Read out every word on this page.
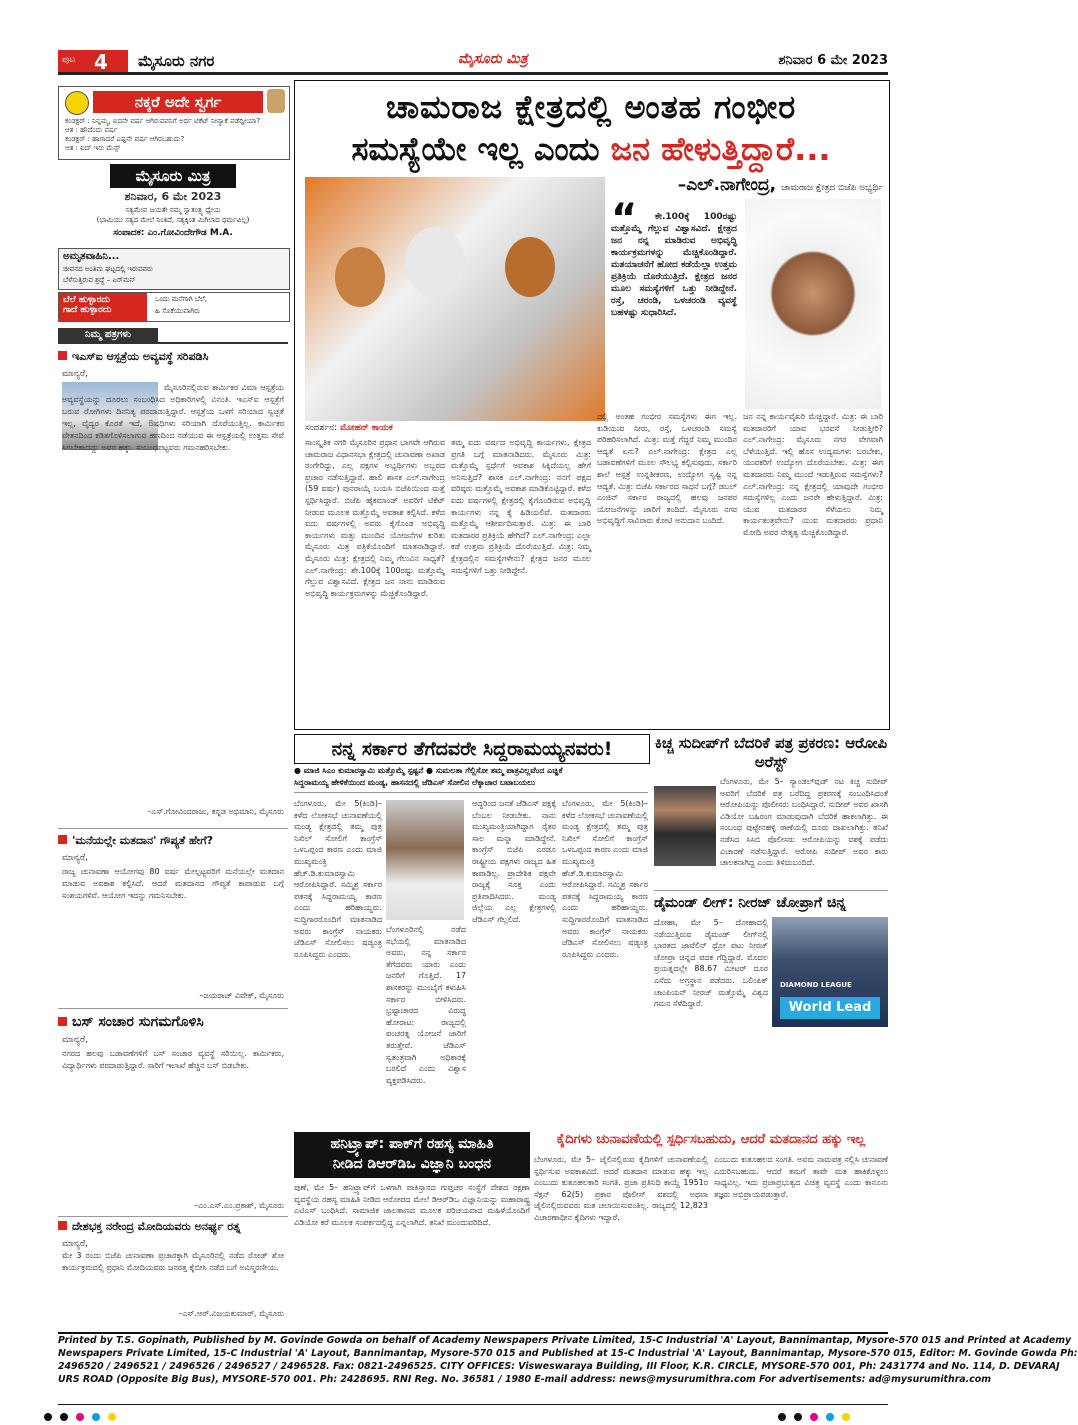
ಪುಟ 4 ಮೈಸೂರು ನಗರ	ಮೈಸೂರು ಮಿತ್ರ	ಶನಿವಾರ 6 ಮೇ 2023
ನಕ್ಕರೆ ಅದೇ ಸ್ವರ್ಗ
ಕಂಡಕ್ಟರ್ : ನಿನ್ನಮ್ಮ, ಐದನೇ ವರ್ಷ ಆಗಿರುವವನಿಗೆ ಅರ್ಧ ಟಿಕೆಟ್ ನೀನ್ಯಾಕೆ ಪಡೆದ್ದೀಯಾ?
ಆತ : ಹೌದೆಂದು ವರ್ಷ
ಕಂಡಕ್ಟರ್ : ಹಾಗಾದರೆ ಎಷ್ಟನೇ ವರ್ಷ ಆಗಿರಬಹುದು?
ಆತ : ಐದ್ ಇರು ಮೆನ್ಸ್
ಮೈಸೂರು ಮಿತ್ರ
ಶನಿವಾರ, 6 ಮೇ 2023
ಸತ್ಯಮೇವ ಜಯತೇ ನಮ್ಮ ಸ್ವಾತಂತ್ರ್ಯ ಧ್ಯೇಯ
(ಭಾಮಿಯು ಸತ್ಯದ ಮೇಲೆ ನಿಂತಿದೆ, ಸತ್ಯಕ್ಕಿಂತ ಮಿಗಿಲಾದ ಧರ್ಮವಿಲ್ಲ)
ಸಂಪಾದಕ: ಎಂ.ಗೋವಿಂದೇಗೌಡ M.A.
ಅಮೃತವಾಹಿನಿ...
ಜೀವನದ ಅಂತಿಮ ಘಟ್ಟದಲ್ಲಿ ಇರುವವರು
ಬೆಳೆಸುತ್ತಿರುವ ಶ್ರದ್ಧೆ – ಏರ್‌ಮನ್
ಬೆಲೆ ಹುಳ್ಳಾರದು
ಗಾದೆ ಹುಳ್ಳಾರದು
ಒಂದು ಮನೆಗಾಗಿ ಬೆಲೆ,
ಹಿ ಸೊಕೆಯುವಾಗಿರು
ನಿಮ್ಮ ಪತ್ರಗಳು
ಇಎಸ್ಐ ಆಸ್ಪತ್ರೆಯ ಅವ್ಯವಸ್ಥೆ ಸರಿಪಡಿಸಿ
ಮಾನ್ಯರೆ,
ಮೈಸೂರಿನಲ್ಲಿರುವ ಕಾರ್ಮಿಕರ ವಿಮಾ ಆಸ್ಪತ್ರೆಯ ಅವ್ಯವಸ್ಥೆಯನ್ನು ದೂರಲು ಸಂಬಂಧಿಸಿದ ಅಧಿಕಾರಿಗಳಲ್ಲಿ ವಿನಂತಿ. ಇಎಸ್ಐ ಆಸ್ಪತ್ರೆಗೆ ಬರುವ ರೋಗಿಗಳು ದಿನನಿತ್ಯ ಪರದಾಡುತ್ತಿದ್ದಾರೆ. ಆಸ್ಪತ್ರೆಯ ಒಳಗೆ ಸರಿಯಾದ ಸ್ವಚ್ಛತೆ ಇಲ್ಲ, ವೈದ್ಯರ ಕೊರತೆ ಇದೆ, ಔಷಧಿಗಳು ಸರಿಯಾಗಿ ದೊರೆಯುತ್ತಿಲ್ಲ. ಕಾರ್ಮಿಕರ ವೇತನದಿಂದ ಕಡಿತಗೊಳಿಸಲಾಗುವ ಹಣದಿಂದ ನಡೆಯುವ ಈ ಆಸ್ಪತ್ರೆಯಲ್ಲಿ ಉತ್ತಮ ಸೇವೆ ಸಿಗಬೇಕಾದದ್ದು ಅವರ ಹಕ್ಕು. ಸಂಬಂಧಪಟ್ಟವರು ಗಮನಹರಿಸಬೇಕು.
–ಎಸ್.ಗೋವಿಂದರಾಜು, ಕನ್ನಡ ಅಭಿಮಾನಿ, ಮೈಸೂರು
'ಮನೆಯಲ್ಲೇ ಮತದಾನ' ಗೌಪ್ಯತೆ ಹೇಗೆ?
ಮಾನ್ಯರೆ,
ರಾಜ್ಯ ಚುನಾವಣಾ ಆಯೋಗವು 80 ವರ್ಷ ಮೇಲ್ಪಟ್ಟವರಿಗೆ ಮನೆಯಲ್ಲೇ ಮತದಾನ ಮಾಡುವ ಅವಕಾಶ ಕಲ್ಪಿಸಿದೆ. ಆದರೆ ಮತದಾನದ ಗೌಪ್ಯತೆ ಕಾಪಾಡುವ ಬಗ್ಗೆ ಸಂಶಯಗಳಿವೆ. ಆಯೋಗ ಇದನ್ನು ಗಮನಿಸಬೇಕು.
–ಜಯರಾಜ್ ವಿವೇಕ್, ಮೈಸೂರು
ಬಸ್ ಸಂಚಾರ ಸುಗಮಗೊಳಿಸಿ
ಮಾನ್ಯರೆ,
ನಗರದ ಹಲವು ಬಡಾವಣೆಗಳಿಗೆ ಬಸ್ ಸಂಚಾರ ವ್ಯವಸ್ಥೆ ಸರಿಯಿಲ್ಲ. ಕಾರ್ಮಿಕರು, ವಿದ್ಯಾರ್ಥಿಗಳು ಪರದಾಡುತ್ತಿದ್ದಾರೆ. ಸಾರಿಗೆ ಇಲಾಖೆ ಹೆಚ್ಚಿನ ಬಸ್ ಬಿಡಬೇಕು.
–ಎಂ.ಎಸ್.ಎಂ.ಪ್ರಕಾಶ್, ಮೈಸೂರು
ದೇಶಭಕ್ತ ನರೇಂದ್ರ ಮೋದಿಯವರು ಅನರ್ಘ್ಯ ರತ್ನ
ಮಾನ್ಯರೆ,
ಮೇ 3 ರಂದು ಬಿಜೆಪಿ ಚುನಾವಣಾ ಪ್ರಚಾರಕ್ಕಾಗಿ ಮೈಸೂರಿನಲ್ಲಿ ನಡೆದ ರೋಡ್ ಶೋ ಕಾರ್ಯಕ್ರಮದಲ್ಲಿ ಪ್ರಧಾನಿ ಮೋದಿಯವರು ಜನರತ್ತ ಕೈಬೀಸಿ ನಡೆದ ಬಗೆ ಅವಿಸ್ಮರಣೀಯ.
–ಎಸ್.ಆರ್.ವಿಜಯಕುಮಾರ್, ಮೈಸೂರು
ಚಾಮರಾಜ ಕ್ಷೇತ್ರದಲ್ಲಿ ಅಂತಹ ಗಂಭೀರ
ಸಮಸ್ಯೆಯೇ ಇಲ್ಲ ಎಂದು ಜನ ಹೇಳುತ್ತಿದ್ದಾರೆ...
–ಎಲ್.ನಾಗೇಂದ್ರ, ಚಾಮರಾಜ ಕ್ಷೇತ್ರದ ಬಿಜೆಪಿ ಅಭ್ಯರ್ಥಿ
ಸಂದರ್ಶನ: ಮೋಹನ್ ಕಾಯಕ
“	ಕೇ.100ಕ್ಕೆ 100ರಷ್ಟು ಮತ್ತೊಮ್ಮೆ ಗೆಲ್ಲುವ ವಿಶ್ವಾಸವಿದೆ. ಕ್ಷೇತ್ರದ ಜನ ನನ್ನ ಮಾಡಿರುವ ಅಭಿವೃದ್ಧಿ ಕಾರ್ಯಕ್ರಮಗಳನ್ನು ಮೆಚ್ಚಿಕೊಂಡಿದ್ದಾರೆ. ಮತಯಾಚನೆಗೆ ಹೋದ ಕಡೆಯೆಲ್ಲಾ ಉತ್ತಮ ಪ್ರತಿಕ್ರಿಯೆ ದೊರೆಯುತ್ತಿದೆ. ಕ್ಷೇತ್ರದ ಜನರ ಮೂಲ ಸಮಸ್ಯೆಗಳಿಗೆ ಒತ್ತು ನೀಡಿದ್ದೇನೆ. ರಸ್ತೆ, ಚರಂಡಿ, ಒಳಚರಂಡಿ ವ್ಯವಸ್ಥೆ ಬಹಳಷ್ಟು ಸುಧಾರಿಸಿದೆ.
ಸಾಂಸ್ಕೃತಿಕ ನಗರಿ ಮೈಸೂರಿನ ಪ್ರಧಾನ ಭಾಗವೇ ಆಗಿರುವ ಚಾಮರಾಜ ವಿಧಾನಸಭಾ ಕ್ಷೇತ್ರದಲ್ಲಿ ಚುನಾವಣಾ ಅಖಾಡ ರಂಗೇರಿದ್ದು, ಎಲ್ಲ ಪಕ್ಷಗಳ ಅಭ್ಯರ್ಥಿಗಳು ಅಬ್ಬರದ ಪ್ರಚಾರ ನಡೆಸುತ್ತಿದ್ದಾರೆ. ಹಾಲಿ ಶಾಸಕ ಎಲ್.ನಾಗೇಂದ್ರ (59 ವರ್ಷ) ಪುನರಾಯ್ಕೆ ಬಯಸಿ ಬಿಜೆಪಿಯಿಂದ ಮತ್ತೆ ಸ್ಪರ್ಧಿಸಿದ್ದಾರೆ. ಬಿಜೆಪಿ ಹೈಕಮಾಂಡ್ ಅವರಿಗೆ ಟಿಕೆಟ್ ನೀಡುವ ಮೂಲಕ ಮತ್ತೊಮ್ಮೆ ಅವಕಾಶ ಕಲ್ಪಿಸಿದೆ. ಕಳೆದ ಐದು ವರ್ಷಗಳಲ್ಲಿ ಅವರು ಕೈಗೊಂಡ ಅಭಿವೃದ್ಧಿ ಕಾರ್ಯಗಳು ಮತ್ತು ಮುಂದಿನ ಯೋಜನೆಗಳ ಕುರಿತು ಮೈಸೂರು ಮಿತ್ರ ಪತ್ರಿಕೆಯೊಂದಿಗೆ ಮಾತನಾಡಿದ್ದಾರೆ. ಮೈಸೂರು ಮಿತ್ರ: ಕ್ಷೇತ್ರದಲ್ಲಿ ನಿಮ್ಮ ಗೆಲುವಿನ ಸಾಧ್ಯತೆ? ಎಲ್.ನಾಗೇಂದ್ರ: ಶೇ.100ಕ್ಕೆ 100ರಷ್ಟು ಮತ್ತೊಮ್ಮೆ ಗೆಲ್ಲುವ ವಿಶ್ವಾಸವಿದೆ. ಕ್ಷೇತ್ರದ ಜನ ನಾನು ಮಾಡಿರುವ ಅಭಿವೃದ್ಧಿ ಕಾರ್ಯಕ್ರಮಗಳನ್ನು ಮೆಚ್ಚಿಕೊಂಡಿದ್ದಾರೆ.
ತಮ್ಮ ಐದು ವರ್ಷದ ಅಭಿವೃದ್ಧಿ ಕಾರ್ಯಗಳು, ಕ್ಷೇತ್ರದ ಪ್ರಗತಿ ಬಗ್ಗೆ ಮಾತನಾಡಿದರು. ಮೈಸೂರು ಮಿತ್ರ: ಮತ್ತೊಮ್ಮೆ ಸ್ಪರ್ಧೆಗೆ ಅವಕಾಶ ಸಿಕ್ಕಿದೆಯಲ್ಲ ಹೇಗೆ ಅನಿಸುತ್ತಿದೆ? ಶಾಸಕ ಎಲ್.ನಾಗೇಂದ್ರ: ನನಗೆ ಪಕ್ಷದ ವರಿಷ್ಠರು ಮತ್ತೊಮ್ಮೆ ಅವಕಾಶ ಮಾಡಿಕೊಟ್ಟಿದ್ದಾರೆ. ಕಳೆದ ಐದು ವರ್ಷಗಳಲ್ಲಿ ಕ್ಷೇತ್ರದಲ್ಲಿ ಕೈಗೊಂಡಿರುವ ಅಭಿವೃದ್ಧಿ ಕಾರ್ಯಗಳು ನನ್ನ ಕೈ ಹಿಡಿಯಲಿವೆ. ಮತದಾರರು ಮತ್ತೊಮ್ಮೆ ಆಶೀರ್ವದಿಸುತ್ತಾರೆ. ಮಿತ್ರ: ಈ ಬಾರಿ ಮತದಾರರ ಪ್ರತಿಕ್ರಿಯೆ ಹೇಗಿದೆ? ಎಲ್.ನಾಗೇಂದ್ರ: ಎಲ್ಲಾ ಕಡೆ ಉತ್ತಮ ಪ್ರತಿಕ್ರಿಯೆ ದೊರೆಯುತ್ತಿದೆ. ಮಿತ್ರ: ನಿಮ್ಮ ಕ್ಷೇತ್ರದಲ್ಲಿನ ಸಮಸ್ಯೆಗಳೇನು? ಕ್ಷೇತ್ರದ ಜನರ ಮೂಲ ಸಮಸ್ಯೆಗಳಿಗೆ ಒತ್ತು ನೀಡಿದ್ದೇನೆ.
ದಲ್ಲಿ ಅಂತಹ ಗಂಭೀರ ಸಮಸ್ಯೆಗಳು ಈಗ ಇಲ್ಲ. ಕುಡಿಯುವ ನೀರು, ರಸ್ತೆ, ಒಳಚರಂಡಿ ಸಮಸ್ಯೆ ಪರಿಹರಿಸಲಾಗಿದೆ. ಮಿತ್ರ: ಮತ್ತೆ ಗೆದ್ದರೆ ನಿಮ್ಮ ಮುಂದಿನ ಆದ್ಯತೆ ಏನು? ಎಲ್.ನಾಗೇಂದ್ರ: ಕ್ಷೇತ್ರದ ಎಲ್ಲ ಬಡಾವಣೆಗಳಿಗೆ ಮೂಲ ಸೌಲಭ್ಯ ಕಲ್ಪಿಸುವುದು, ಸರ್ಕಾರಿ ಶಾಲೆ ಆಸ್ಪತ್ರೆ ಉನ್ನತೀಕರಣ, ಉದ್ಯೋಗ ಸೃಷ್ಟಿ ನನ್ನ ಆದ್ಯತೆ. ಮಿತ್ರ: ಬಿಜೆಪಿ ಸರ್ಕಾರದ ಸಾಧನೆ ಬಗ್ಗೆ? ಡಬಲ್ ಎಂಜಿನ್ ಸರ್ಕಾರ ರಾಜ್ಯದಲ್ಲಿ ಹಲವು ಜನಪರ ಯೋಜನೆಗಳನ್ನು ಜಾರಿಗೆ ತಂದಿದೆ. ಮೈಸೂರು ನಗರ ಅಭಿವೃದ್ಧಿಗೆ ಸಾವಿರಾರು ಕೋಟಿ ಅನುದಾನ ಬಂದಿದೆ.
ಜನ ನನ್ನ ಕಾರ್ಯವೈಖರಿ ಮೆಚ್ಚಿದ್ದಾರೆ. ಮಿತ್ರ: ಈ ಬಾರಿ ಮತದಾರರಿಗೆ ಯಾವ ಭರವಸೆ ನೀಡುತ್ತೀರಿ? ಎಲ್.ನಾಗೇಂದ್ರ: ಮೈಸೂರು ನಗರ ವೇಗವಾಗಿ ಬೆಳೆಯುತ್ತಿದೆ. ಇಲ್ಲಿ ಹೊಸ ಉದ್ಯಮಗಳು ಬರಬೇಕು, ಯುವಕರಿಗೆ ಉದ್ಯೋಗ ದೊರೆಯಬೇಕು. ಮಿತ್ರ: ಈಗ ಮತದಾರರು ನಿಮ್ಮ ಮುಂದೆ ಇಡುತ್ತಿರುವ ಸಮಸ್ಯೆಗಳು? ಎಲ್.ನಾಗೇಂದ್ರ: ನನ್ನ ಕ್ಷೇತ್ರದಲ್ಲಿ ಯಾವುದೇ ಗಂಭೀರ ಸಮಸ್ಯೆಗಳಿಲ್ಲ ಎಂದು ಜನರೇ ಹೇಳುತ್ತಿದ್ದಾರೆ. ಮಿತ್ರ: ಯುವ ಮತದಾರರ ಸೆಳೆಯಲು ನಿಮ್ಮ ಕಾರ್ಯತಂತ್ರವೇನು? ಯುವ ಮತದಾರರು ಪ್ರಧಾನಿ ಮೋದಿ ಅವರ ನೇತೃತ್ವ ಮೆಚ್ಚಿಕೊಂಡಿದ್ದಾರೆ.
ನನ್ನ ಸರ್ಕಾರ ತೆಗೆದವರೇ ಸಿದ್ದರಾಮಯ್ಯನವರು!
● ಮಾಜಿ ಸಿಎಂ ಕುಮಾರಸ್ವಾಮಿ ಮತ್ತೊಮ್ಮೆ ಸ್ಪಷ್ಟನೆ ● ಸುಮಲತಾ ಗೆಲ್ಲಿಸೋ ತಮ್ಮ ಪಾತ್ರವಿಲ್ಲವೆಂದ ಎಚ್ಡಿಕೆ
ಸಿದ್ದರಾಮಯ್ಯ ಹೇಳಿಕೆಯಿಂದ ಮಂಡ್ಯ, ಹಾಸನದಲ್ಲಿ ಜೆಡಿಎಸ್ ಸೋಲಿನ ಲೆಕ್ಕಾಚಾರ ಬಟಾಬಯಲು
ಬೆಂಗಳೂರು, ಮೇ 5(ಕಿಂಡಿ)– ಕಳೆದ ಲೋಕಸಭೆ ಚುನಾವಣೆಯಲ್ಲಿ ಮಂಡ್ಯ ಕ್ಷೇತ್ರದಲ್ಲಿ ತಮ್ಮ ಪುತ್ರ ನಿಖಿಲ್ ಸೋಲಿಗೆ ಕಾಂಗ್ರೆಸ್ ಒಳಒಪ್ಪಂದ ಕಾರಣ ಎಂದು ಮಾಜಿ ಮುಖ್ಯಮಂತ್ರಿ ಹೆಚ್.ಡಿ.ಕುಮಾರಸ್ವಾಮಿ ಆರೋಪಿಸಿದ್ದಾರೆ. ಸಮ್ಮಿಶ್ರ ಸರ್ಕಾರ ಪತನಕ್ಕೆ ಸಿದ್ದರಾಮಯ್ಯ ಕಾರಣ ಎಂದು ಹರಿಹಾಯ್ದರು. ಸುದ್ದಿಗಾರರೊಂದಿಗೆ ಮಾತನಾಡಿದ ಅವರು ಕಾಂಗ್ರೆಸ್ ನಾಯಕರು ಜೆಡಿಎಸ್ ಸೋಲಿಸಲು ಷಡ್ಯಂತ್ರ ರೂಪಿಸಿದ್ದರು ಎಂದರು.
ಬೆಂಗಳೂರಿನಲ್ಲಿ ನಡೆದ ಸಭೆಯಲ್ಲಿ ಮಾತನಾಡಿದ ಅವರು, ನನ್ನ ಸರ್ಕಾರ ತೆಗೆದವರು ಯಾರು ಎಂದು ಜನರಿಗೆ ಗೊತ್ತಿದೆ. 17 ಶಾಸಕರನ್ನು ಮುಂಬೈಗೆ ಕಳುಹಿಸಿ ಸರ್ಕಾರ ಬೀಳಿಸಿದರು. ಭ್ರಷ್ಟಾಚಾರದ ವಿರುದ್ಧ ಹೋರಾಟ: ರಾಜ್ಯದಲ್ಲಿ ಪಂಚರತ್ನ ಯೋಜನೆ ಜಾರಿಗೆ ತರುತ್ತೇವೆ. ಜೆಡಿಎಸ್ ಸ್ವತಂತ್ರವಾಗಿ ಅಧಿಕಾರಕ್ಕೆ ಬರಲಿದೆ ಎಂದು ವಿಶ್ವಾಸ ವ್ಯಕ್ತಪಡಿಸಿದರು.
ಆದ್ದರಿಂದ ಜನತೆ ಜೆಡಿಎಸ್ ಪಕ್ಷಕ್ಕೆ ಬೆಂಬಲ ನೀಡಬೇಕು. ನಾನು ಮುಖ್ಯಮಂತ್ರಿಯಾಗಿದ್ದಾಗ ರೈತರ ಸಾಲ ಮನ್ನಾ ಮಾಡಿದ್ದೇನೆ. ಕಾಂಗ್ರೆಸ್ ಬಿಜೆಪಿ ಎರಡೂ ರಾಷ್ಟ್ರೀಯ ಪಕ್ಷಗಳು ರಾಜ್ಯದ ಹಿತ ಕಾಪಾಡಿಲ್ಲ. ಪ್ರಾದೇಶಿಕ ಪಕ್ಷವೇ ರಾಜ್ಯಕ್ಕೆ ಸೂಕ್ತ ಎಂದು ಪ್ರತಿಪಾದಿಸಿದರು. ಮಂಡ್ಯ ಜಿಲ್ಲೆಯ ಎಲ್ಲ ಕ್ಷೇತ್ರಗಳಲ್ಲಿ ಜೆಡಿಎಸ್ ಗೆಲ್ಲಲಿದೆ.
ಬೆಂಗಳೂರು, ಮೇ 5(ಕಿಂಡಿ)– ಕಳೆದ ಲೋಕಸಭೆ ಚುನಾವಣೆಯಲ್ಲಿ ಮಂಡ್ಯ ಕ್ಷೇತ್ರದಲ್ಲಿ ತಮ್ಮ ಪುತ್ರ ನಿಖಿಲ್ ಸೋಲಿಗೆ ಕಾಂಗ್ರೆಸ್ ಒಳಒಪ್ಪಂದ ಕಾರಣ ಎಂದು ಮಾಜಿ ಮುಖ್ಯಮಂತ್ರಿ ಹೆಚ್.ಡಿ.ಕುಮಾರಸ್ವಾಮಿ ಆರೋಪಿಸಿದ್ದಾರೆ. ಸಮ್ಮಿಶ್ರ ಸರ್ಕಾರ ಪತನಕ್ಕೆ ಸಿದ್ದರಾಮಯ್ಯ ಕಾರಣ ಎಂದು ಹರಿಹಾಯ್ದರು. ಸುದ್ದಿಗಾರರೊಂದಿಗೆ ಮಾತನಾಡಿದ ಅವರು ಕಾಂಗ್ರೆಸ್ ನಾಯಕರು ಜೆಡಿಎಸ್ ಸೋಲಿಸಲು ಷಡ್ಯಂತ್ರ ರೂಪಿಸಿದ್ದರು ಎಂದರು.
ಕಿಚ್ಚ ಸುದೀಪ್‌ಗೆ ಬೆದರಿಕೆ ಪತ್ರ ಪ್ರಕರಣ: ಆರೋಪಿ ಅರೆಸ್ಟ್
ಬೆಂಗಳೂರು, ಮೇ 5– ಸ್ಯಾಂಡಲ್‌ವುಡ್ ನಟ ಕಿಚ್ಚ ಸುದೀಪ್ ಅವರಿಗೆ ಬೆದರಿಕೆ ಪತ್ರ ಬರೆದಿದ್ದ ಪ್ರಕರಣಕ್ಕೆ ಸಂಬಂಧಿಸಿದಂತೆ ಆರೋಪಿಯನ್ನು ಪೊಲೀಸರು ಬಂಧಿಸಿದ್ದಾರೆ. ಸುದೀಪ್ ಅವರ ಖಾಸಗಿ ವಿಡಿಯೋ ಬಹಿರಂಗ ಮಾಡುವುದಾಗಿ ಬೆದರಿಕೆ ಹಾಕಲಾಗಿತ್ತು. ಈ ಸಂಬಂಧ ಪುಟ್ಟೇನಹಳ್ಳಿ ಠಾಣೆಯಲ್ಲಿ ದೂರು ದಾಖಲಾಗಿತ್ತು. ತನಿಖೆ ನಡೆಸಿದ ಸಿಸಿಬಿ ಪೊಲೀಸರು ಆರೋಪಿಯನ್ನು ವಶಕ್ಕೆ ಪಡೆದು ವಿಚಾರಣೆ ನಡೆಸುತ್ತಿದ್ದಾರೆ. ಆರೋಪಿ ಸುದೀಪ್ ಅವರ ಕಾರು ಚಾಲಕನಾಗಿದ್ದ ಎಂದು ತಿಳಿದುಬಂದಿದೆ.
ಡೈಮಂಡ್ ಲೀಗ್: ನೀರಜ್ ಚೋಪ್ರಾಗೆ ಚಿನ್ನ
DIAMOND LEAGUE
World Lead
ದೋಹಾ, ಮೇ 5– ದೋಹಾದಲ್ಲಿ ನಡೆಯುತ್ತಿರುವ ಡೈಮಂಡ್ ಲೀಗ್‌ನಲ್ಲಿ ಭಾರತದ ಜಾವೆಲಿನ್ ಥ್ರೋ ಪಟು ನೀರಜ್ ಚೋಪ್ರಾ ಚಿನ್ನದ ಪದಕ ಗೆದ್ದಿದ್ದಾರೆ. ಮೊದಲ ಪ್ರಯತ್ನದಲ್ಲೇ 88.67 ಮೀಟರ್ ದೂರ ಎಸೆದು ಅಗ್ರಸ್ಥಾನ ಪಡೆದರು. ಒಲಿಂಪಿಕ್ ಚಾಂಪಿಯನ್ ನೀರಜ್ ಮತ್ತೊಮ್ಮೆ ವಿಶ್ವದ ಗಮನ ಸೆಳೆದಿದ್ದಾರೆ.
ಹನಿಟ್ರ್ಯಾಪ್: ಪಾಕ್‌ಗೆ ರಹಸ್ಯ ಮಾಹಿತಿ
ನೀಡಿದ ಡಿಆರ್‌ಡಿಒ ವಿಜ್ಞಾನಿ ಬಂಧನ
ಪುಣೆ, ಮೇ 5– ಹನಿಟ್ರ್ಯಾಪ್‌ಗೆ ಒಳಗಾಗಿ ಪಾಕಿಸ್ತಾನದ ಗುಪ್ತಚರ ಸಂಸ್ಥೆಗೆ ದೇಶದ ರಕ್ಷಣಾ ವ್ಯವಸ್ಥೆಯ ರಹಸ್ಯ ಮಾಹಿತಿ ನೀಡಿದ ಆರೋಪದ ಮೇಲೆ ಡಿಆರ್‌ಡಿಒ ವಿಜ್ಞಾನಿಯನ್ನು ಮಹಾರಾಷ್ಟ್ರ ಎಟಿಎಸ್ ಬಂಧಿಸಿದೆ. ಸಾಮಾಜಿಕ ಜಾಲತಾಣದ ಮೂಲಕ ಪರಿಚಯವಾದ ಮಹಿಳೆಯೊಂದಿಗೆ ವಿಡಿಯೋ ಕರೆ ಮೂಲಕ ಸಂಪರ್ಕದಲ್ಲಿದ್ದ ಎನ್ನಲಾಗಿದೆ. ತನಿಖೆ ಮುಂದುವರಿದಿದೆ.
ಕೈದಿಗಳು ಚುನಾವಣೆಯಲ್ಲಿ ಸ್ಪರ್ಧಿಸಬಹುದು, ಆದರೆ ಮತದಾನದ ಹಕ್ಕು ಇಲ್ಲ
ಬೆಂಗಳೂರು, ಮೇ 5– ಜೈಲಿನಲ್ಲಿರುವ ಕೈದಿಗಳಿಗೆ ಚುನಾವಣೆಯಲ್ಲಿ ಸ್ಪರ್ಧಿಸುವ ಅವಕಾಶವಿದೆ. ಆದರೆ ಮತದಾನ ಮಾಡುವ ಹಕ್ಕು ಇಲ್ಲ ಎಂಬುದು ಕುತೂಹಲಕಾರಿ ಸಂಗತಿ. ಪ್ರಜಾ ಪ್ರತಿನಿಧಿ ಕಾಯ್ದೆ 1951ರ ಸೆಕ್ಷನ್ 62(5) ಪ್ರಕಾರ ಪೊಲೀಸ್ ವಶದಲ್ಲಿ ಅಥವಾ ಜೈಲಿನಲ್ಲಿರುವವರು ಮತ ಚಲಾಯಿಸುವಂತಿಲ್ಲ. ರಾಜ್ಯದಲ್ಲಿ 12,823 ವಿಚಾರಣಾಧೀನ ಕೈದಿಗಳು ಇದ್ದಾರೆ.
ಎಂಬುದು ಕುತೂಹಲದ ಸಂಗತಿ. ಅವರು ನಾಮಪತ್ರ ಸಲ್ಲಿಸಿ ಚುನಾವಣೆ ಎದುರಿಸಬಹುದು. ಆದರೆ ತಮಗೆ ತಾವೇ ಮತ ಹಾಕಿಕೊಳ್ಳಲು ಸಾಧ್ಯವಿಲ್ಲ. ಇದು ಪ್ರಜಾಪ್ರಭುತ್ವದ ವಿಚಿತ್ರ ವ್ಯವಸ್ಥೆ ಎಂದು ಕಾನೂನು ತಜ್ಞರು ಅಭಿಪ್ರಾಯಪಡುತ್ತಾರೆ.
Printed by T.S. Gopinath, Published by M. Govinde Gowda on behalf of Academy Newspapers Private Limited, 15-C Industrial 'A' Layout, Bannimantap, Mysore-570 015 and Printed at Academy
Newspapers Private Limited, 15-C Industrial 'A' Layout, Bannimantap, Mysore-570 015 and Published at 15-C Industrial 'A' Layout, Bannimantap, Mysore-570 015, Editor: M. Govinde Gowda Ph:
2496520 / 2496521 / 2496526 / 2496527 / 2496528. Fax: 0821-2496525. CITY OFFICES: Visweswaraya Building, III Floor, K.R. CIRCLE, MYSORE-570 001, Ph: 2431774 and No. 114, D. DEVARAJ
URS ROAD (Opposite Big Bus), MYSORE-570 001. Ph: 2428695. RNI Reg. No. 36581 / 1980 E-mail address: news@mysurumithra.com For advertisements: ad@mysurumithra.com
